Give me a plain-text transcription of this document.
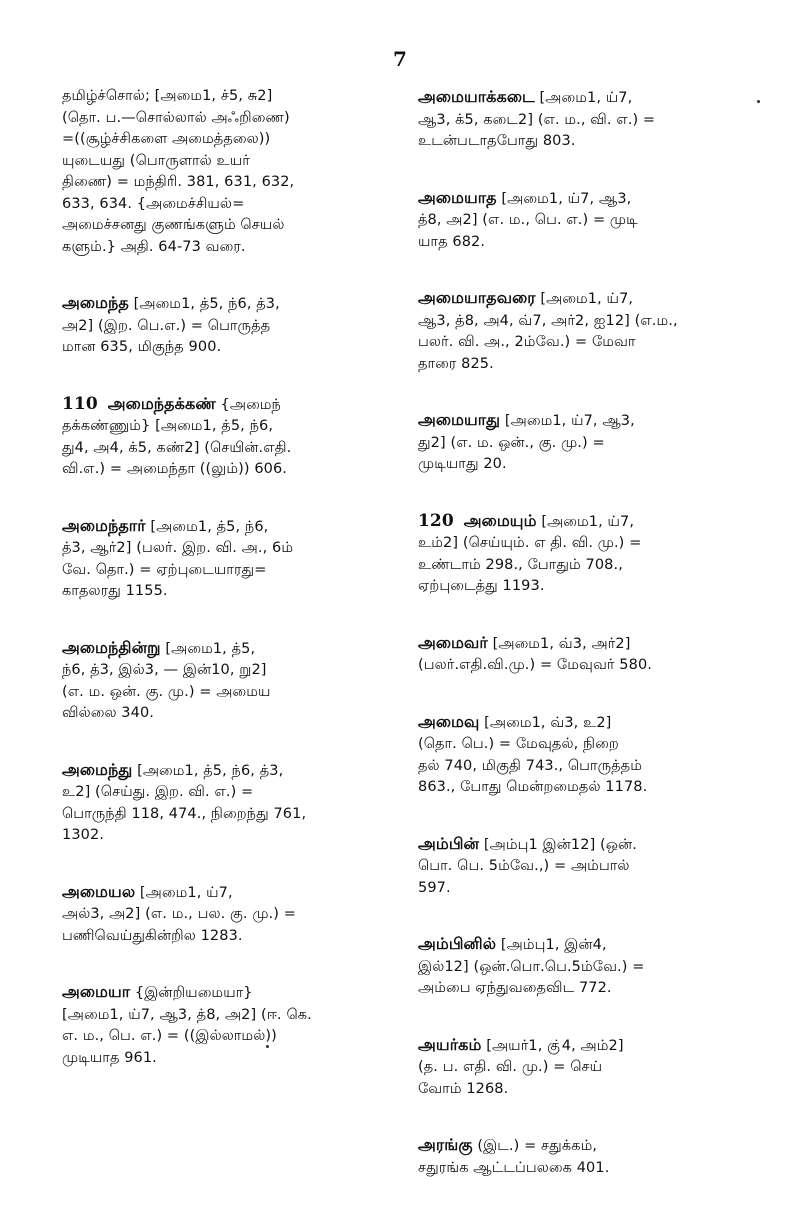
7
தமிழ்ச்சொல்; [அமை1, ச்5, சு2]
(தொ. ப.—சொல்லால் அஃறிணை)
=((சூழ்ச்சிகளை அமைத்தலை))
யுடையது (பொருளால் உயர்
திணை) = மந்திரி. 381, 631, 632,
633, 634. {அமைச்சியல்=
அமைச்சனது குணங்களும் செயல்
களும்.} அதி. 64-73 வரை.
அமைந்த [அமை1, த்5, ந்6, த்3,
அ2] (இற. பெ.எ.) = பொருத்த
மான 635, மிகுந்த 900.
110 அமைந்தக்கண் {அமைந்
தக்கண்ணும்} [அமை1, த்5, ந்6,
து4, அ4, க்5, கண்2] (செயின்.எதி.
வி.எ.) = அமைந்தா ((லும்)) 606.
அமைந்தார் [அமை1, த்5, ந்6,
த்3, ஆர்2] (பலர். இற. வி. அ., 6ம்
வே. தொ.) = ஏற்புடையாரது=
காதலரது 1155.
அமைந்தின்று [அமை1, த்5,
ந்6, த்3, இல்3, — இன்10, று2]
(எ. ம. ஒன். கு. மு.) = அமைய
வில்லை 340.
அமைந்து [அமை1, த்5, ந்6, த்3,
உ2] (செய்து. இற. வி. எ.) =
பொருந்தி 118, 474., நிறைந்து 761,
1302.
அமையல [அமை1, ய்7,
அல்3, அ2] (எ. ம., பல. கு. மு.) =
பணிவெய்துகின்றில 1283.
அமையா {இன்றியமையா}
[அமை1, ய்7, ஆ3, த்8, அ2] (ஈ. கெ.
எ. ம., பெ. எ.) = ((இல்லாமல்))
முடியாத 961.
அமையாக்கடை [அமை1, ய்7,
ஆ3, க்5, கடை2] (எ. ம., வி. எ.) =
உடன்படாதபோது 803.
அமையாத [அமை1, ய்7, ஆ3,
த்8, அ2] (எ. ம., பெ. எ.) = முடி
யாத 682.
அமையாதவரை [அமை1, ய்7,
ஆ3, த்8, அ4, வ்7, அர்2, ஐ12] (எ.ம.,
பலர். வி. அ., 2ம்வே.) = மேவா
தாரை 825.
அமையாது [அமை1, ய்7, ஆ3,
து2] (எ. ம. ஒன்., கு. மு.) =
முடியாது 20.
120 அமையும் [அமை1, ய்7,
உம்2] (செய்யும். எ தி. வி. மு.) =
உண்டாம் 298., போதும் 708.,
ஏற்புடைத்து 1193.
அமைவர் [அமை1, வ்3, அர்2]
(பலர்.எதி.வி.மு.) = மேவுவர் 580.
அமைவு [அமை1, வ்3, உ2]
(தொ. பெ.) = மேவுதல், நிறை
தல் 740, மிகுதி 743., பொருத்தம்
863., போது மென்றமைதல் 1178.
அம்பின் [அம்பு1 இன்12] (ஒன்.
பொ. பெ. 5ம்வே.,) = அம்பால்
597.
அம்பினில் [அம்பு1, இன்4,
இல்12] (ஒன்.பொ.பெ.5ம்வே.) =
அம்பை ஏந்துவதைவிட 772.
அயர்கம் [அயர்1, கு்4, அம்2]
(த. ப. எதி. வி. மு.) = செய்
வோம் 1268.
அரங்கு (இட.) = சதுக்கம்,
சதுரங்க ஆட்டப்பலகை 401.
